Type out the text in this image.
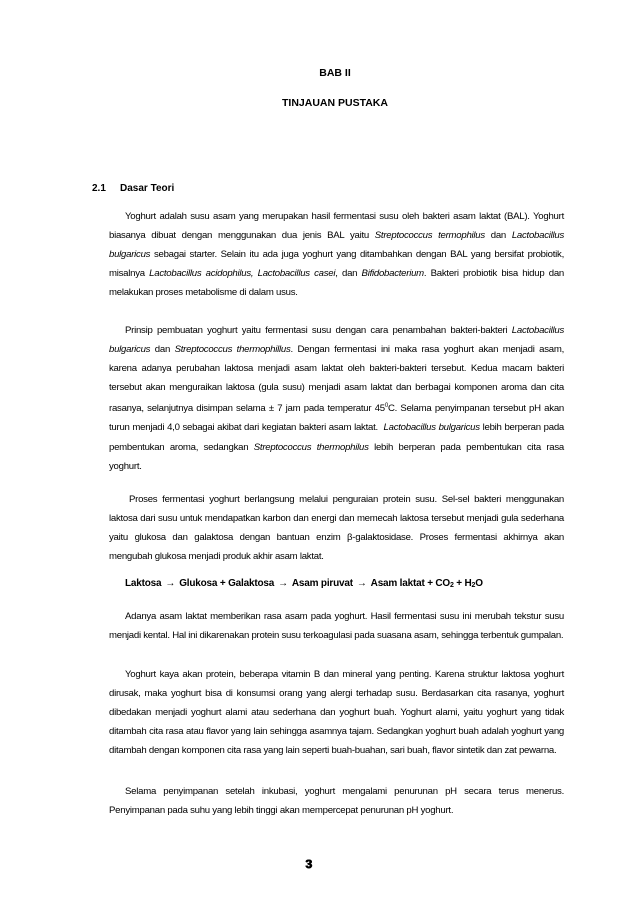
BAB II
TINJAUAN PUSTAKA
2.1 Dasar Teori

Yoghurt adalah susu asam yang merupakan hasil fermentasi susu oleh bakteri asam laktat (BAL). Yoghurt biasanya dibuat dengan menggunakan dua jenis BAL yaitu Streptococcus termophilus dan Lactobacillus bulgaricus sebagai starter. Selain itu ada juga yoghurt yang ditambahkan dengan BAL yang bersifat probiotik, misalnya Lactobacillus acidophilus, Lactobacillus casei, dan Bifidobacterium. Bakteri probiotik bisa hidup dan melakukan proses metabolisme di dalam usus.

Prinsip pembuatan yoghurt yaitu fermentasi susu dengan cara penambahan bakteri-bakteri Lactobacillus bulgaricus dan Streptococcus thermophillus. Dengan fermentasi ini maka rasa yoghurt akan menjadi asam, karena adanya perubahan laktosa menjadi asam laktat oleh bakteri-bakteri tersebut. Kedua macam bakteri tersebut akan menguraikan laktosa (gula susu) menjadi asam laktat dan berbagai komponen aroma dan cita rasanya, selanjutnya disimpan selama ± 7 jam pada temperatur $45^0C$. Selama penyimpanan tersebut pH akan turun menjadi 4,0 sebagai akibat dari kegiatan bakteri asam laktat.  Lactobacillus bulgaricus lebih berperan pada pembentukan aroma, sedangkan Streptococcus thermophilus lebih berperan pada pembentukan cita rasa yoghurt.

Proses fermentasi yoghurt berlangsung melalui penguraian protein susu. Sel-sel bakteri menggunakan laktosa dari susu untuk mendapatkan karbon dan energi dan memecah laktosa tersebut menjadi gula sederhana yaitu glukosa dan galaktosa dengan bantuan enzim β-galaktosidase. Proses fermentasi akhirnya akan mengubah glukosa menjadi produk akhir asam laktat.

Laktosa → Glukosa + Galaktosa → Asam piruvat → Asam laktat + $CO_2 + H_2O$

Adanya asam laktat memberikan rasa asam pada yoghurt. Hasil fermentasi susu ini merubah tekstur susu menjadi kental. Hal ini dikarenakan protein susu terkoagulasi pada suasana asam, sehingga terbentuk gumpalan.

Yoghurt kaya akan protein, beberapa vitamin B dan mineral yang penting. Karena struktur laktosa yoghurt dirusak, maka yoghurt bisa di konsumsi orang yang alergi terhadap susu. Berdasarkan cita rasanya, yoghurt dibedakan menjadi yoghurt alami atau sederhana dan yoghurt buah. Yoghurt alami, yaitu yoghurt yang tidak ditambah cita rasa atau flavor yang lain sehingga asamnya tajam. Sedangkan yoghurt buah adalah yoghurt yang ditambah dengan komponen cita rasa yang lain seperti buah-buahan, sari buah, flavor sintetik dan zat pewarna.

Selama penyimpanan setelah inkubasi, yoghurt mengalami penurunan pH secara terus menerus. Penyimpanan pada suhu yang lebih tinggi akan mempercepat penurunan pH yoghurt.

3
